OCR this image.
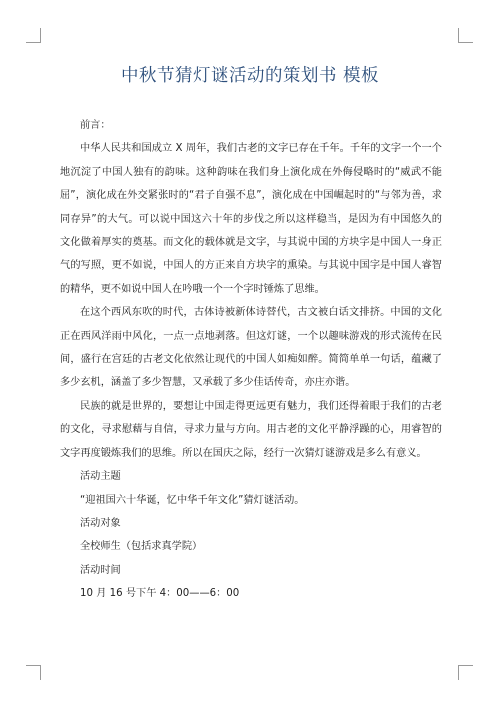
中秋节猜灯谜活动的策划书 模板

前言：

中华人民共和国成立 X 周年，我们古老的文字已存在千年。千年的文字一个一个地沉淀了中国人独有的韵味。这种韵味在我们身上演化成在外侮侵略时的“威武不能屈”，演化成在外交紧张时的“君子自强不息”，演化成在中国崛起时的“与邻为善，求同存异”的大气。可以说中国这六十年的步伐之所以这样稳当，是因为有中国悠久的文化做着厚实的奠基。而文化的载体就是文字，与其说中国的方块字是中国人一身正气的写照，更不如说，中国人的方正来自方块字的熏染。与其说中国字是中国人睿智的精华，更不如说中国人在吟哦一个一个字时锤炼了思维。

在这个西风东吹的时代，古体诗被新体诗替代，古文被白话文排挤。中国的文化正在西风洋雨中风化，一点一点地剥落。但这灯谜，一个以趣味游戏的形式流传在民间，盛行在宫廷的古老文化依然让现代的中国人如痴如醉。简简单单一句话，蕴藏了多少玄机，涵盖了多少智慧，又承载了多少佳话传奇，亦庄亦谐。

民族的就是世界的，要想让中国走得更远更有魅力，我们还得着眼于我们的古老的文化，寻求慰藉与自信，寻求力量与方向。用古老的文化平静浮躁的心，用睿智的文字再度锻炼我们的思维。所以在国庆之际，经行一次猜灯谜游戏是多么有意义。

活动主题

“迎祖国六十华诞，忆中华千年文化”猜灯谜活动。

活动对象

全校师生（包括求真学院）

活动时间

10 月 16 号下午 4：00——6：00
